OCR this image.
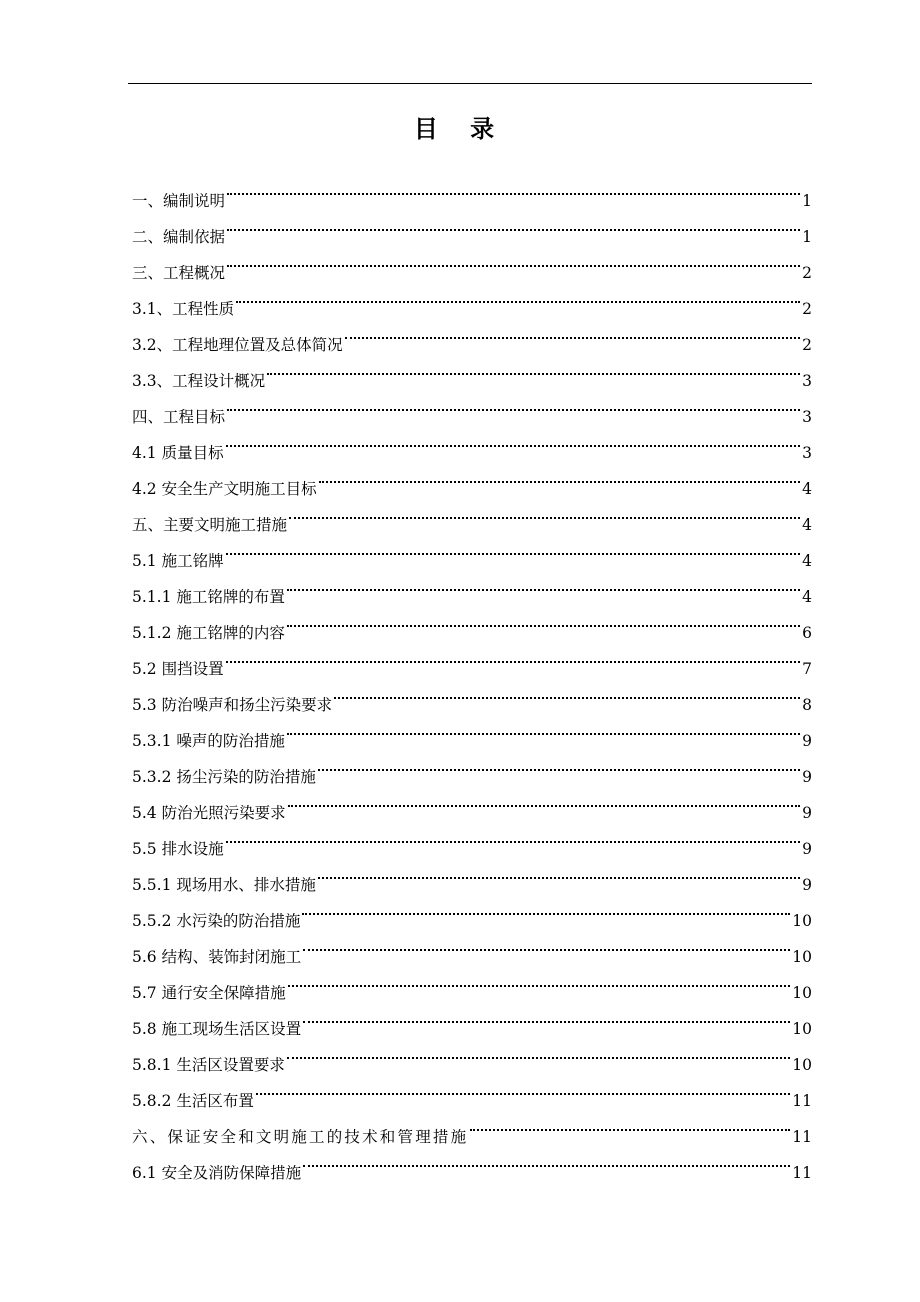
目 录
一、编制说明	1
二、编制依据	1
三、工程概况	2
3.1、工程性质	2
3.2、工程地理位置及总体简况	2
3.3、工程设计概况	3
四、工程目标	3
4.1 质量目标	3
4.2 安全生产文明施工目标	4
五、主要文明施工措施	4
5.1 施工铭牌	4
5.1.1 施工铭牌的布置	4
5.1.2 施工铭牌的内容	6
5.2 围挡设置	7
5.3 防治噪声和扬尘污染要求	8
5.3.1 噪声的防治措施	9
5.3.2 扬尘污染的防治措施	9
5.4 防治光照污染要求	9
5.5 排水设施	9
5.5.1 现场用水、排水措施	9
5.5.2 水污染的防治措施	10
5.6 结构、装饰封闭施工	10
5.7 通行安全保障措施	10
5.8 施工现场生活区设置	10
5.8.1 生活区设置要求	10
5.8.2 生活区布置	11
六、保证安全和文明施工的技术和管理措施	11
6.1 安全及消防保障措施	11
